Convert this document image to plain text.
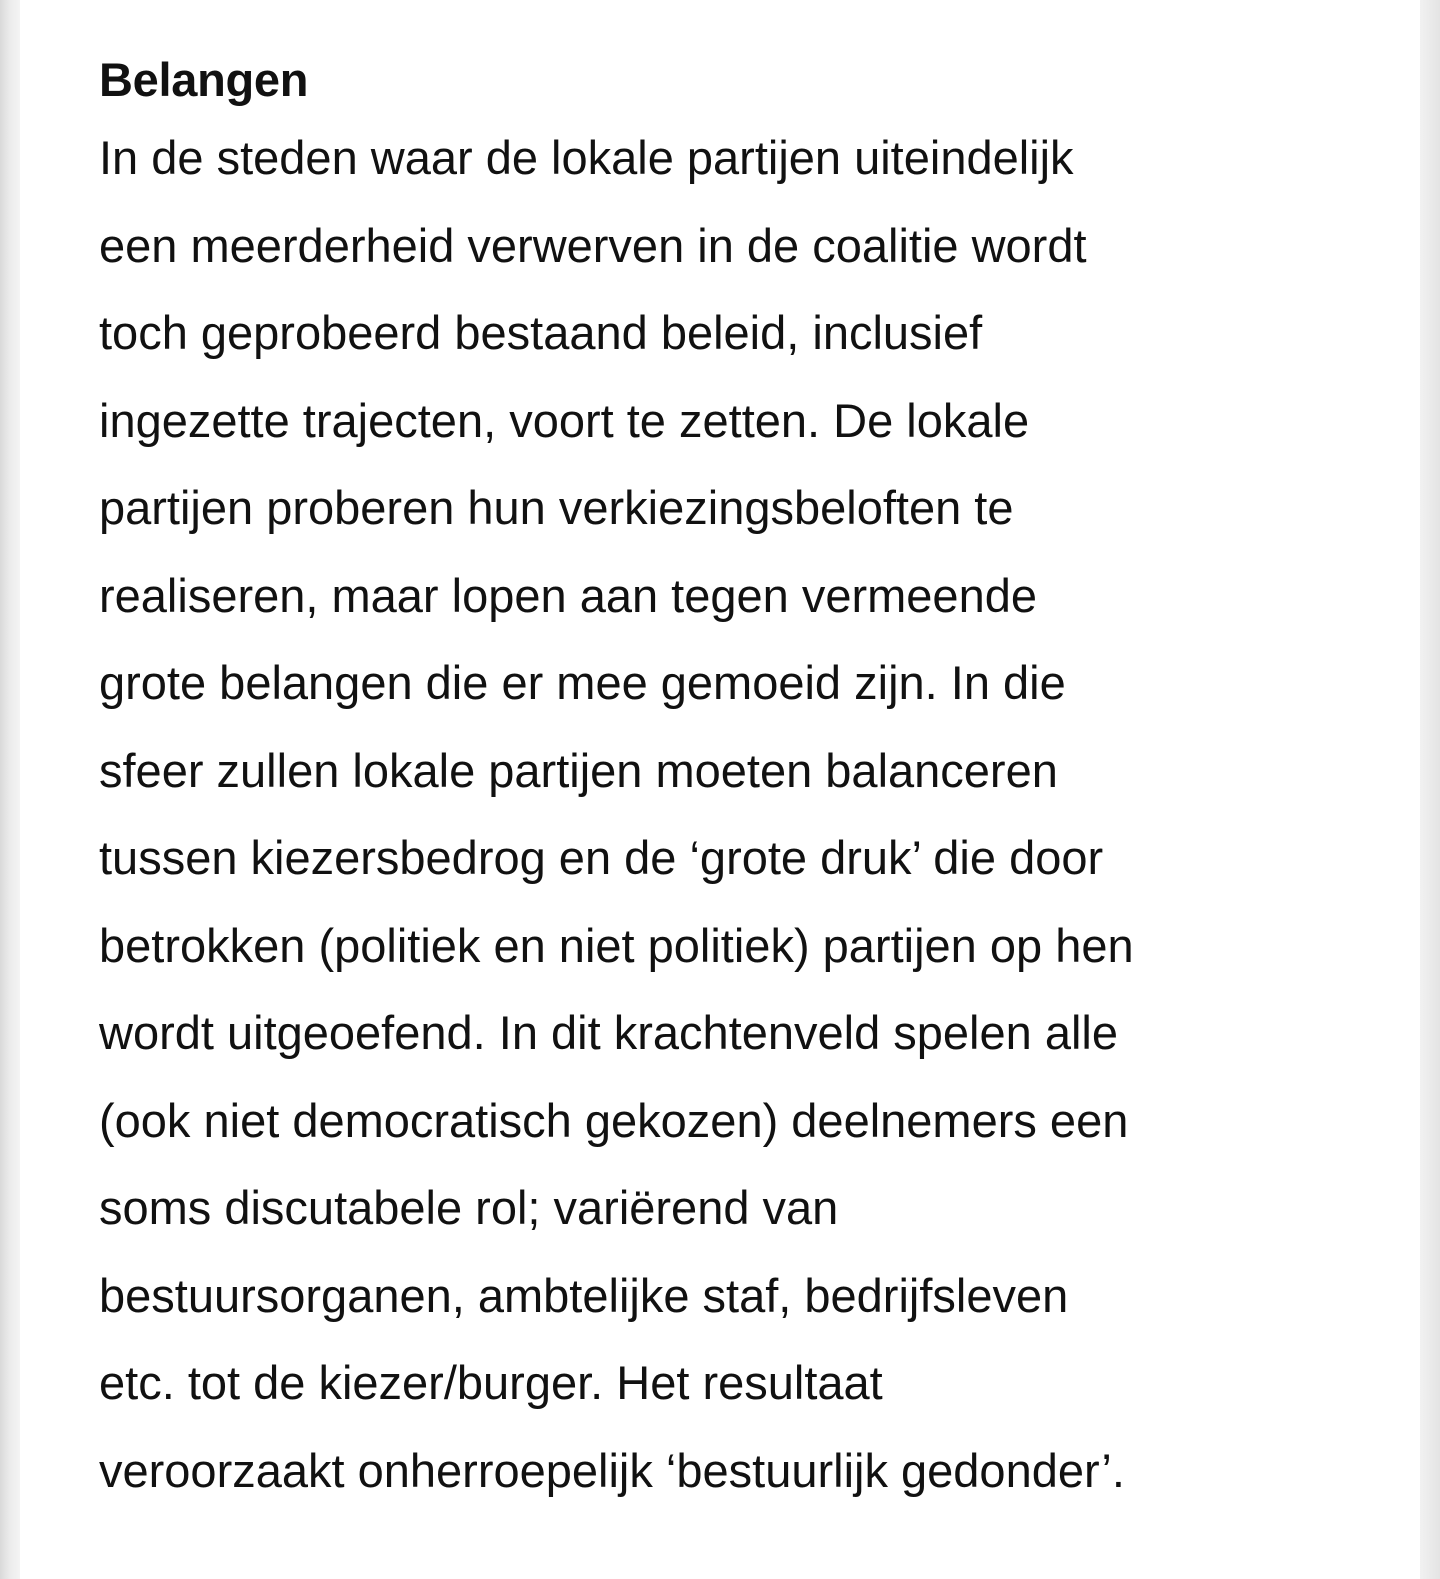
Belangen

In de steden waar de lokale partijen uiteindelijk
een meerderheid verwerven in de coalitie wordt
toch geprobeerd bestaand beleid, inclusief
ingezette trajecten, voort te zetten. De lokale
partijen proberen hun verkiezingsbeloften te
realiseren, maar lopen aan tegen vermeende
grote belangen die er mee gemoeid zijn. In die
sfeer zullen lokale partijen moeten balanceren
tussen kiezersbedrog en de ‘grote druk’ die door
betrokken (politiek en niet politiek) partijen op hen
wordt uitgeoefend. In dit krachtenveld spelen alle
(ook niet democratisch gekozen) deelnemers een
soms discutabele rol; variërend van
bestuursorganen, ambtelijke staf, bedrijfsleven
etc. tot de kiezer/burger. Het resultaat
veroorzaakt onherroepelijk ‘bestuurlijk gedonder’.
